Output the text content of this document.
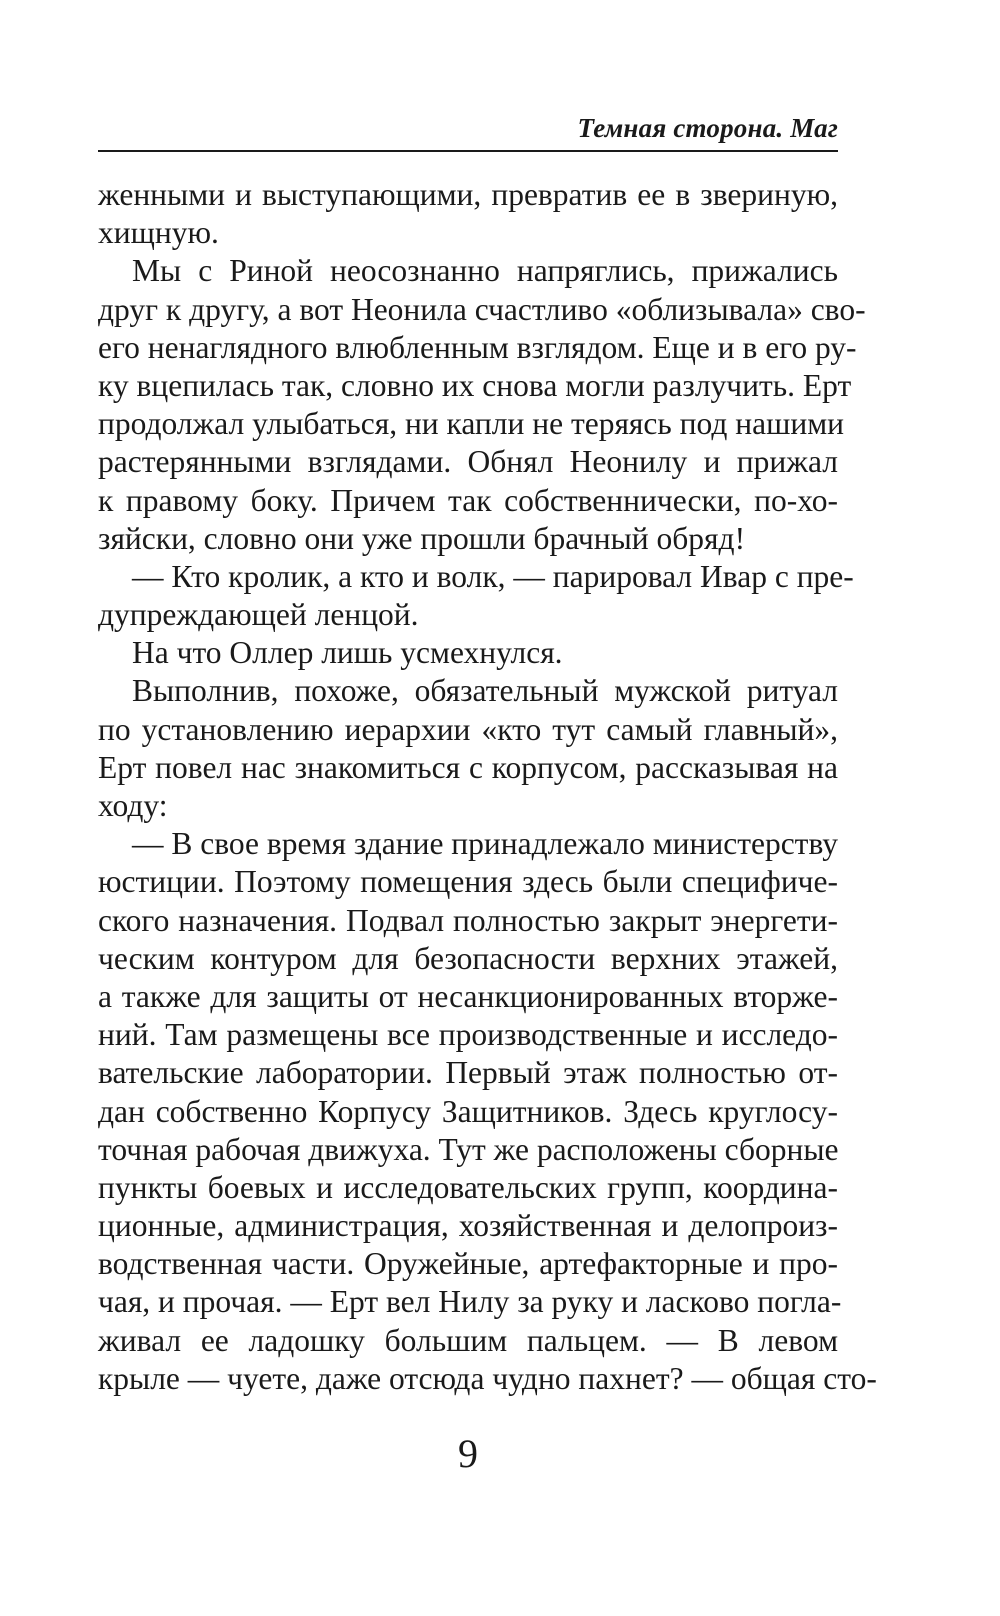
Темная сторона. Маг
женными и выступающими, превратив ее в звериную,
хищную.
Мы с Риной неосознанно напряглись, прижались
друг к другу, а вот Неонила счастливо «облизывала» сво-
его ненаглядного влюбленным взглядом. Еще и в его ру-
ку вцепилась так, словно их снова могли разлучить. Ерт
продолжал улыбаться, ни капли не теряясь под нашими
растерянными взглядами. Обнял Неонилу и прижал
к правому боку. Причем так собственнически, по-хо-
зяйски, словно они уже прошли брачный обряд!
— Кто кролик, а кто и волк, — парировал Ивар с пре-
дупреждающей ленцой.
На что Оллер лишь усмехнулся.
Выполнив, похоже, обязательный мужской ритуал
по установлению иерархии «кто тут самый главный»,
Ерт повел нас знакомиться с корпусом, рассказывая на
ходу:
— В свое время здание принадлежало министерству
юстиции. Поэтому помещения здесь были специфиче-
ского назначения. Подвал полностью закрыт энергети-
ческим контуром для безопасности верхних этажей,
а также для защиты от несанкционированных вторже-
ний. Там размещены все производственные и исследо-
вательские лаборатории. Первый этаж полностью от-
дан собственно Корпусу Защитников. Здесь круглосу-
точная рабочая движуха. Тут же расположены сборные
пункты боевых и исследовательских групп, координа-
ционные, администрация, хозяйственная и делопроиз-
водственная части. Оружейные, артефакторные и про-
чая, и прочая. — Ерт вел Нилу за руку и ласково погла-
живал ее ладошку большим пальцем. — В левом
крыле — чуете, даже отсюда чудно пахнет? — общая сто-
9
